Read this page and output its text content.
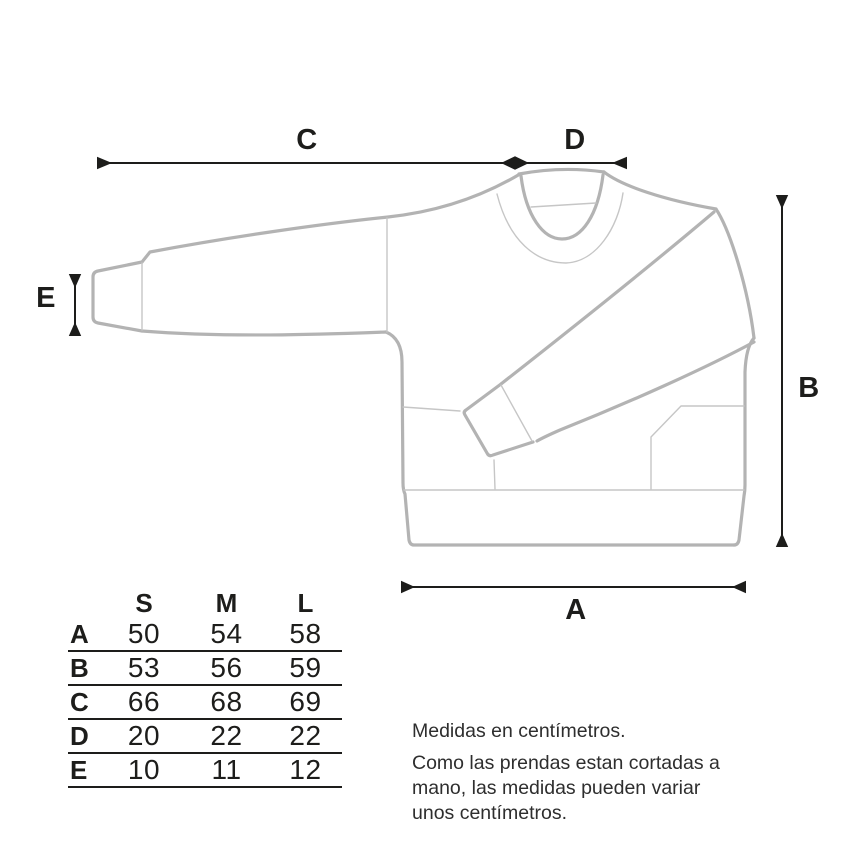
C	D
E
B
A
S	M	L
A	50	54	58
B	53	56	59
C	66	68	69
D	20	22	22
E	10	11	12
Medidas en centímetros.
Como las prendas estan cortadas a
mano, las medidas pueden variar
unos centímetros.
